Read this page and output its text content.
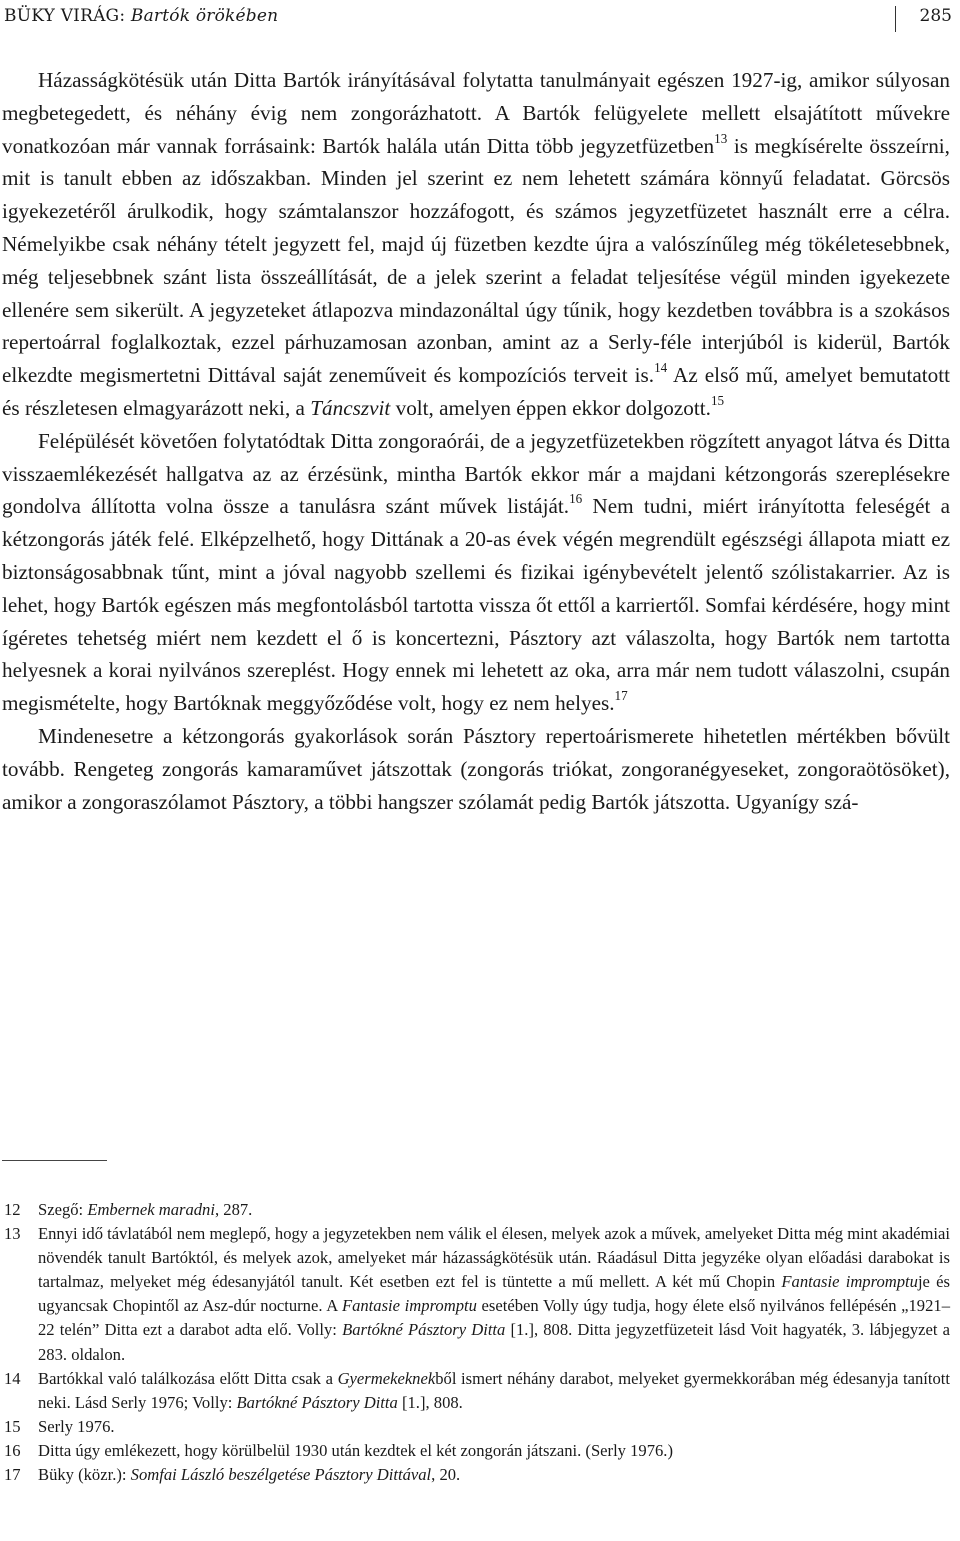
BÜKY VIRÁG: Bartók örökében	285

Házasságkötésük után Ditta Bartók irányításával folytatta tanulmányait egészen 1927-ig, amikor súlyosan megbetegedett, és néhány évig nem zongorázhatott. A Bartók felügyelete mellett elsajátított művekre vonatkozóan már vannak forrásaink: Bartók halála után Ditta több jegyzetfüzetben$^{13}$ is megkísérelte összeírni, mit is tanult ebben az időszakban. Minden jel szerint ez nem lehetett számára könnyű feladatat. Görcsös igyekezetéről árulkodik, hogy számtalanszor hozzáfogott, és számos jegyzetfüzetet használt erre a célra. Némelyikbe csak néhány tételt jegyzett fel, majd új füzetben kezdte újra a valószínűleg még tökéletesebbnek, még teljesebbnek szánt lista összeállítását, de a jelek szerint a feladat teljesítése végül minden igyekezete ellenére sem sikerült. A jegyzeteket átlapozva mindazonáltal úgy tűnik, hogy kezdetben továbbra is a szokásos repertoárral foglalkoztak, ezzel párhuzamosan azonban, amint az a Serly-féle interjúból is kiderül, Bartók elkezdte megismertetni Dittával saját zeneműveit és kompozíciós terveit is.$^{14}$ Az első mű, amelyet bemutatott és részletesen elmagyarázott neki, a Táncszvit volt, amelyen éppen ekkor dolgozott.$^{15}$

Felépülését követően folytatódtak Ditta zongoraórái, de a jegyzetfüzetekben rögzített anyagot látva és Ditta visszaemlékezését hallgatva az az érzésünk, mintha Bartók ekkor már a majdani kétzongorás szereplésekre gondolva állította volna össze a tanulásra szánt művek listáját.$^{16}$ Nem tudni, miért irányította feleségét a kétzongorás játék felé. Elképzelhető, hogy Dittának a 20-as évek végén megrendült egészségi állapota miatt ez biztonságosabbnak tűnt, mint a jóval nagyobb szellemi és fizikai igénybevételt jelentő szólistakarrier. Az is lehet, hogy Bartók egészen más megfontolásból tartotta vissza őt ettől a karriertől. Somfai kérdésére, hogy mint ígéretes tehetség miért nem kezdett el ő is koncertezni, Pásztory azt válaszolta, hogy Bartók nem tartotta helyesnek a korai nyilvános szereplést. Hogy ennek mi lehetett az oka, arra már nem tudott válaszolni, csupán megismételte, hogy Bartóknak meggyőződése volt, hogy ez nem helyes.$^{17}$

Mindenesetre a kétzongorás gyakorlások során Pásztory repertoárismerete hihetetlen mértékben bővült tovább. Rengeteg zongorás kamaraművet játszottak (zongorás triókat, zongoranégyeseket, zongoraötösöket), amikor a zongoraszólamot Pásztory, a többi hangszer szólamát pedig Bartók játszotta. Ugyanígy szá-

12	Szegő: Embernek maradni, 287.
13	Ennyi idő távlatából nem meglepő, hogy a jegyzetekben nem válik el élesen, melyek azok a művek, amelyeket Ditta még mint akadémiai növendék tanult Bartóktól, és melyek azok, amelyeket már házasságkötésük után. Ráadásul Ditta jegyzéke olyan előadási darabokat is tartalmaz, melyeket még édesanyjától tanult. Két esetben ezt fel is tüntette a mű mellett. A két mű Chopin Fantasie impromptuje és ugyancsak Chopintől az Asz-dúr nocturne. A Fantasie impromptu esetében Volly úgy tudja, hogy élete első nyilvános fellépésén „1921–22 telén” Ditta ezt a darabot adta elő. Volly: Bartókné Pásztory Ditta [1.], 808. Ditta jegyzetfüzeteit lásd Voit hagyaték, 3. lábjegyzet a 283. oldalon.
14	Bartókkal való találkozása előtt Ditta csak a Gyermekeknekből ismert néhány darabot, melyeket gyermekkorában még édesanyja tanított neki. Lásd Serly 1976; Volly: Bartókné Pásztory Ditta [1.], 808.
15	Serly 1976.
16	Ditta úgy emlékezett, hogy körülbelül 1930 után kezdtek el két zongorán játszani. (Serly 1976.)
17	Büky (közr.): Somfai László beszélgetése Pásztory Dittával, 20.
